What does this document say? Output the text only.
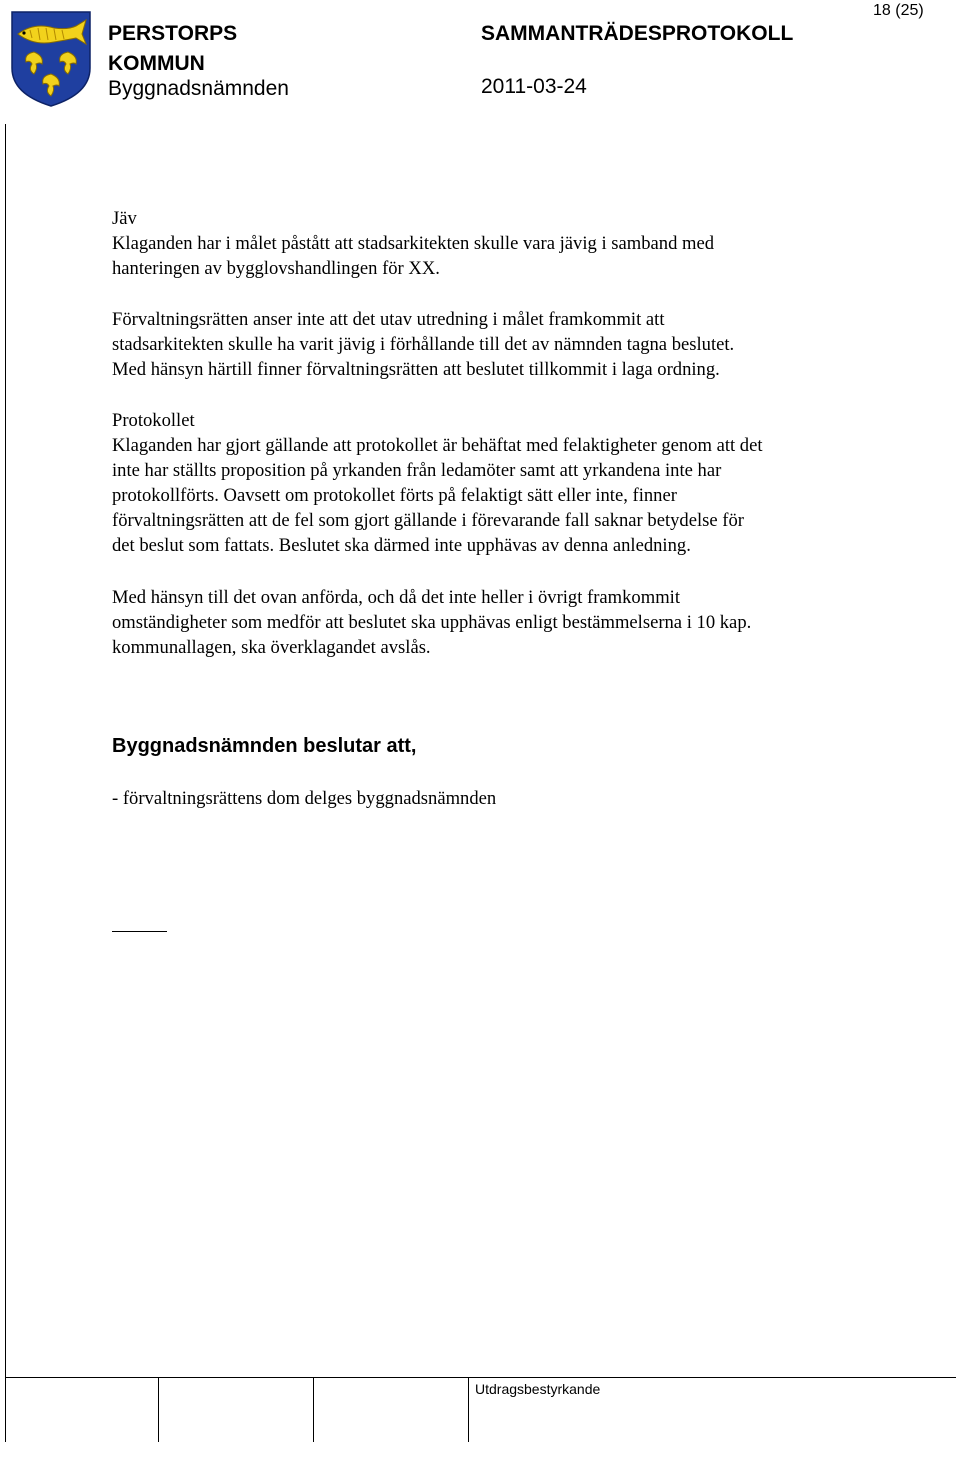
PERSTORPS
KOMMUN
Byggnadsnämnden
SAMMANTRÄDESPROTOKOLL
2011-03-24
18 (25)
Jäv
Klaganden har i målet påstått att stadsarkitekten skulle vara jävig i samband med
hanteringen av bygglovshandlingen för XX.
Förvaltningsrätten anser inte att det utav utredning i målet framkommit att
stadsarkitekten skulle ha varit jävig i förhållande till det av nämnden tagna beslutet.
Med hänsyn härtill finner förvaltningsrätten att beslutet tillkommit i laga ordning.
Protokollet
Klaganden har gjort gällande att protokollet är behäftat med felaktigheter genom att det
inte har ställts proposition på yrkanden från ledamöter samt att yrkandena inte har
protokollförts. Oavsett om protokollet förts på felaktigt sätt eller inte, finner
förvaltningsrätten att de fel som gjort gällande i förevarande fall saknar betydelse för
det beslut som fattats. Beslutet ska därmed inte upphävas av denna anledning.
Med hänsyn till det ovan anförda, och då det inte heller i övrigt framkommit
omständigheter som medför att beslutet ska upphävas enligt bestämmelserna i 10 kap.
kommunallagen, ska överklagandet avslås.
Byggnadsnämnden beslutar att,
- förvaltningsrättens dom delges byggnadsnämnden
Utdragsbestyrkande
